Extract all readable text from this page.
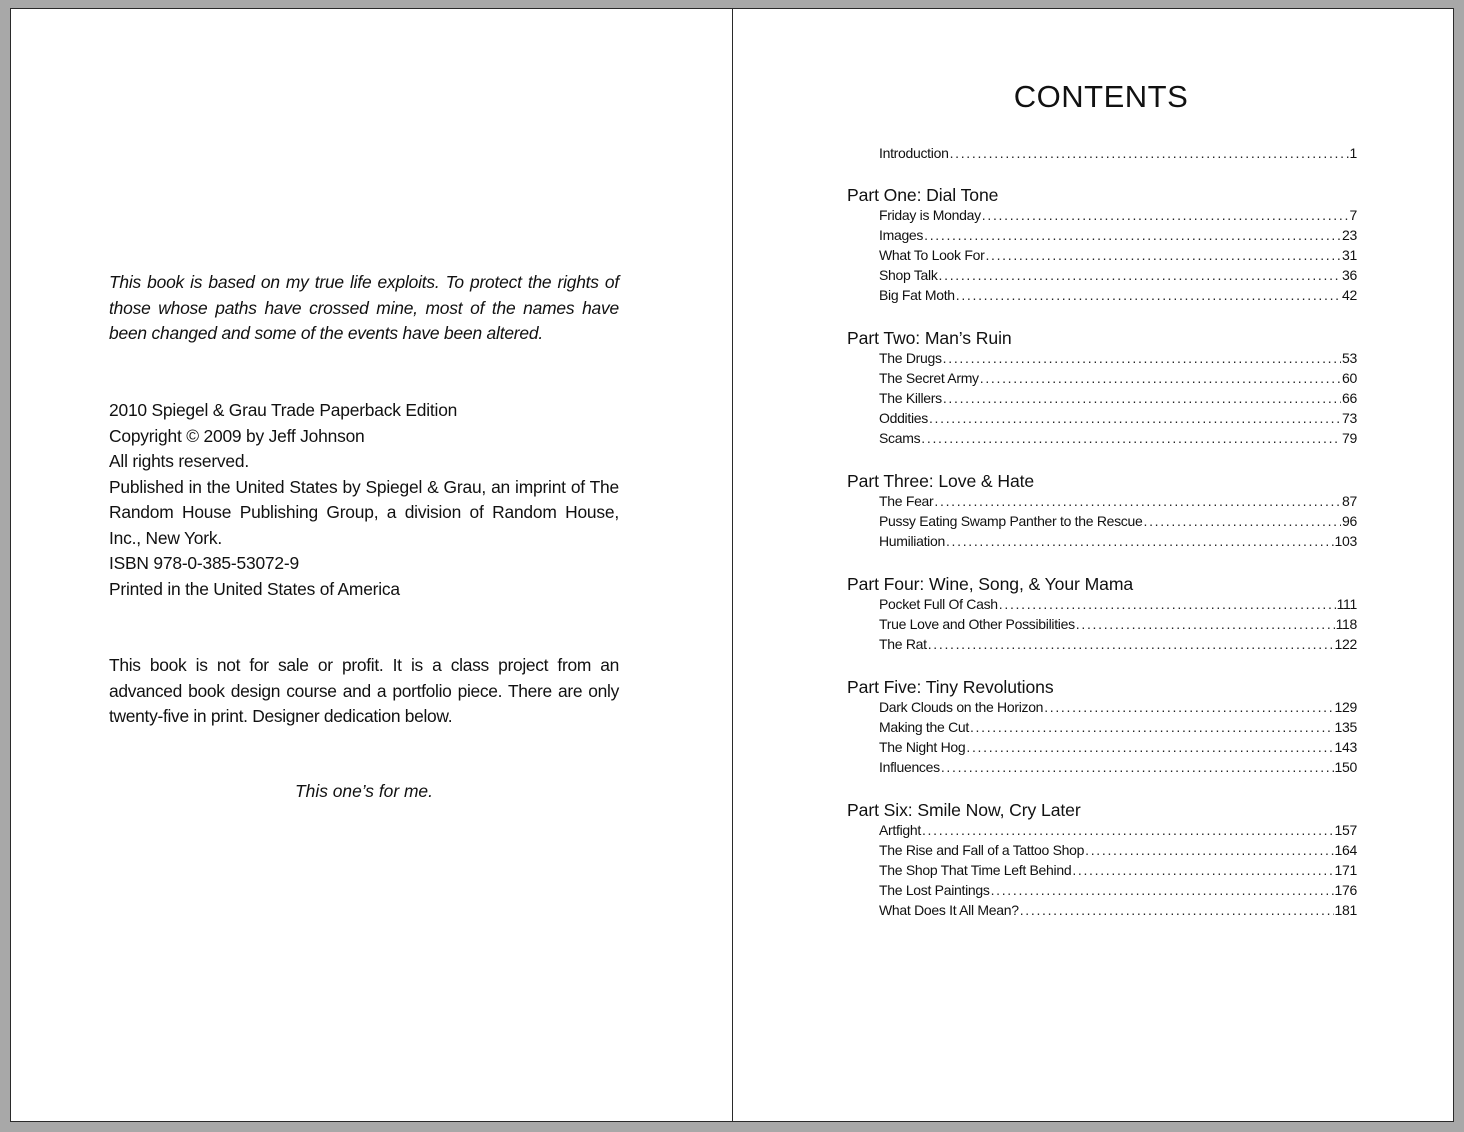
This book is based on my true life exploits. To protect the rights of those whose paths have crossed mine, most of the names have been changed and some of the events have been altered.

2010 Spiegel & Grau Trade Paperback Edition
Copyright © 2009 by Jeff Johnson
All rights reserved.
Published in the United States by Spiegel & Grau, an imprint of The Random House Publishing Group, a division of Random House, Inc., New York.
ISBN 978-0-385-53072-9
Printed in the United States of America

This book is not for sale or profit. It is a class project from an advanced book design course and a portfolio piece. There are only twenty-five in print. Designer dedication below.

This one’s for me.

CONTENTS
Introduction . . .	1
Part One: Dial Tone
Friday is Monday . . .	7
Images . . .	23
What To Look For . . .	31
Shop Talk . . .	36
Big Fat Moth . . .	42
Part Two: Man’s Ruin
The Drugs . . .	53
The Secret Army . . .	60
The Killers . . .	66
Oddities . . .	73
Scams . . .	79
Part Three: Love & Hate
The Fear . . .	87
Pussy Eating Swamp Panther to the Rescue . . .	96
Humiliation . . .	103
Part Four: Wine, Song, & Your Mama
Pocket Full Of Cash . . .	111
True Love and Other Possibilities . . .	118
The Rat . . .	122
Part Five: Tiny Revolutions
Dark Clouds on the Horizon . . .	129
Making the Cut . . .	135
The Night Hog . . .	143
Influences . . .	150
Part Six: Smile Now, Cry Later
Artfight . . .	157
The Rise and Fall of a Tattoo Shop . . .	164
The Shop That Time Left Behind . . .	171
The Lost Paintings . . .	176
What Does It All Mean? . . .	181
